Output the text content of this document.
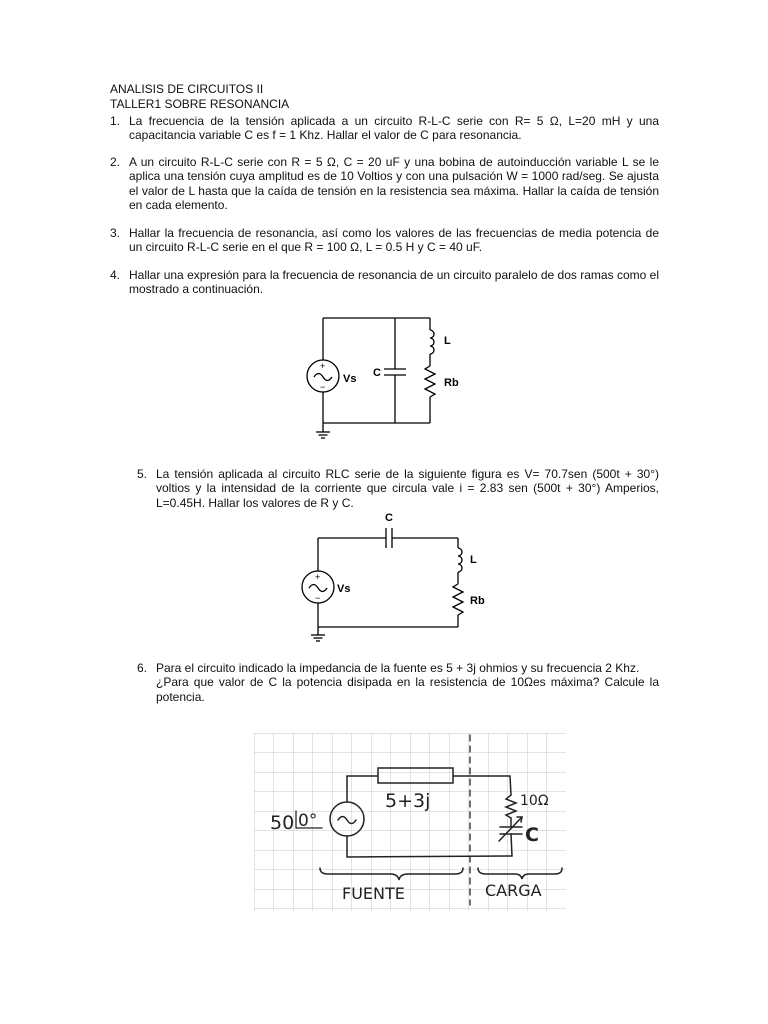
ANALISIS DE CIRCUITOS II
TALLER1 SOBRE RESONANCIA
1. La frecuencia de la tensión aplicada a un circuito R-L-C serie con R= 5 Ω, L=20 mH y una capacitancia variable C es f = 1 Khz. Hallar el valor de C para resonancia.
2. A un circuito R-L-C serie con R = 5 Ω, C = 20 uF y una bobina de autoinducción variable L se le aplica una tensión cuya amplitud es de 10 Voltios y con una pulsación W = 1000 rad/seg. Se ajusta el valor de L hasta que la caída de tensión en la resistencia sea máxima. Hallar la caída de tensión en cada elemento.
3. Hallar la frecuencia de resonancia, así como los valores de las frecuencias de media potencia de un circuito R-L-C serie en el que R = 100 Ω, L = 0.5 H y C = 40 uF.
4. Hallar una expresión para la frecuencia de resonancia de un circuito paralelo de dos ramas como el mostrado a continuación.
+
−
Vs C
L
Rb
5. La tensión aplicada al circuito RLC serie de la siguiente figura es V= 70.7sen (500t + 30°) voltios y la intensidad de la corriente que circula vale i = 2.83 sen (500t + 30°) Amperios, L=0.45H. Hallar los valores de R y C.
C
+
−
Vs
L
Rb
6. Para el circuito indicado la impedancia de la fuente es 5 + 3j ohmios y su frecuencia 2 Khz.
¿Para que valor de C la potencia disipada en la resistencia de 10Ωes máxima? Calcule la potencia.
50 0°
5+3j	10Ω
C
FUENTE	CARGA
